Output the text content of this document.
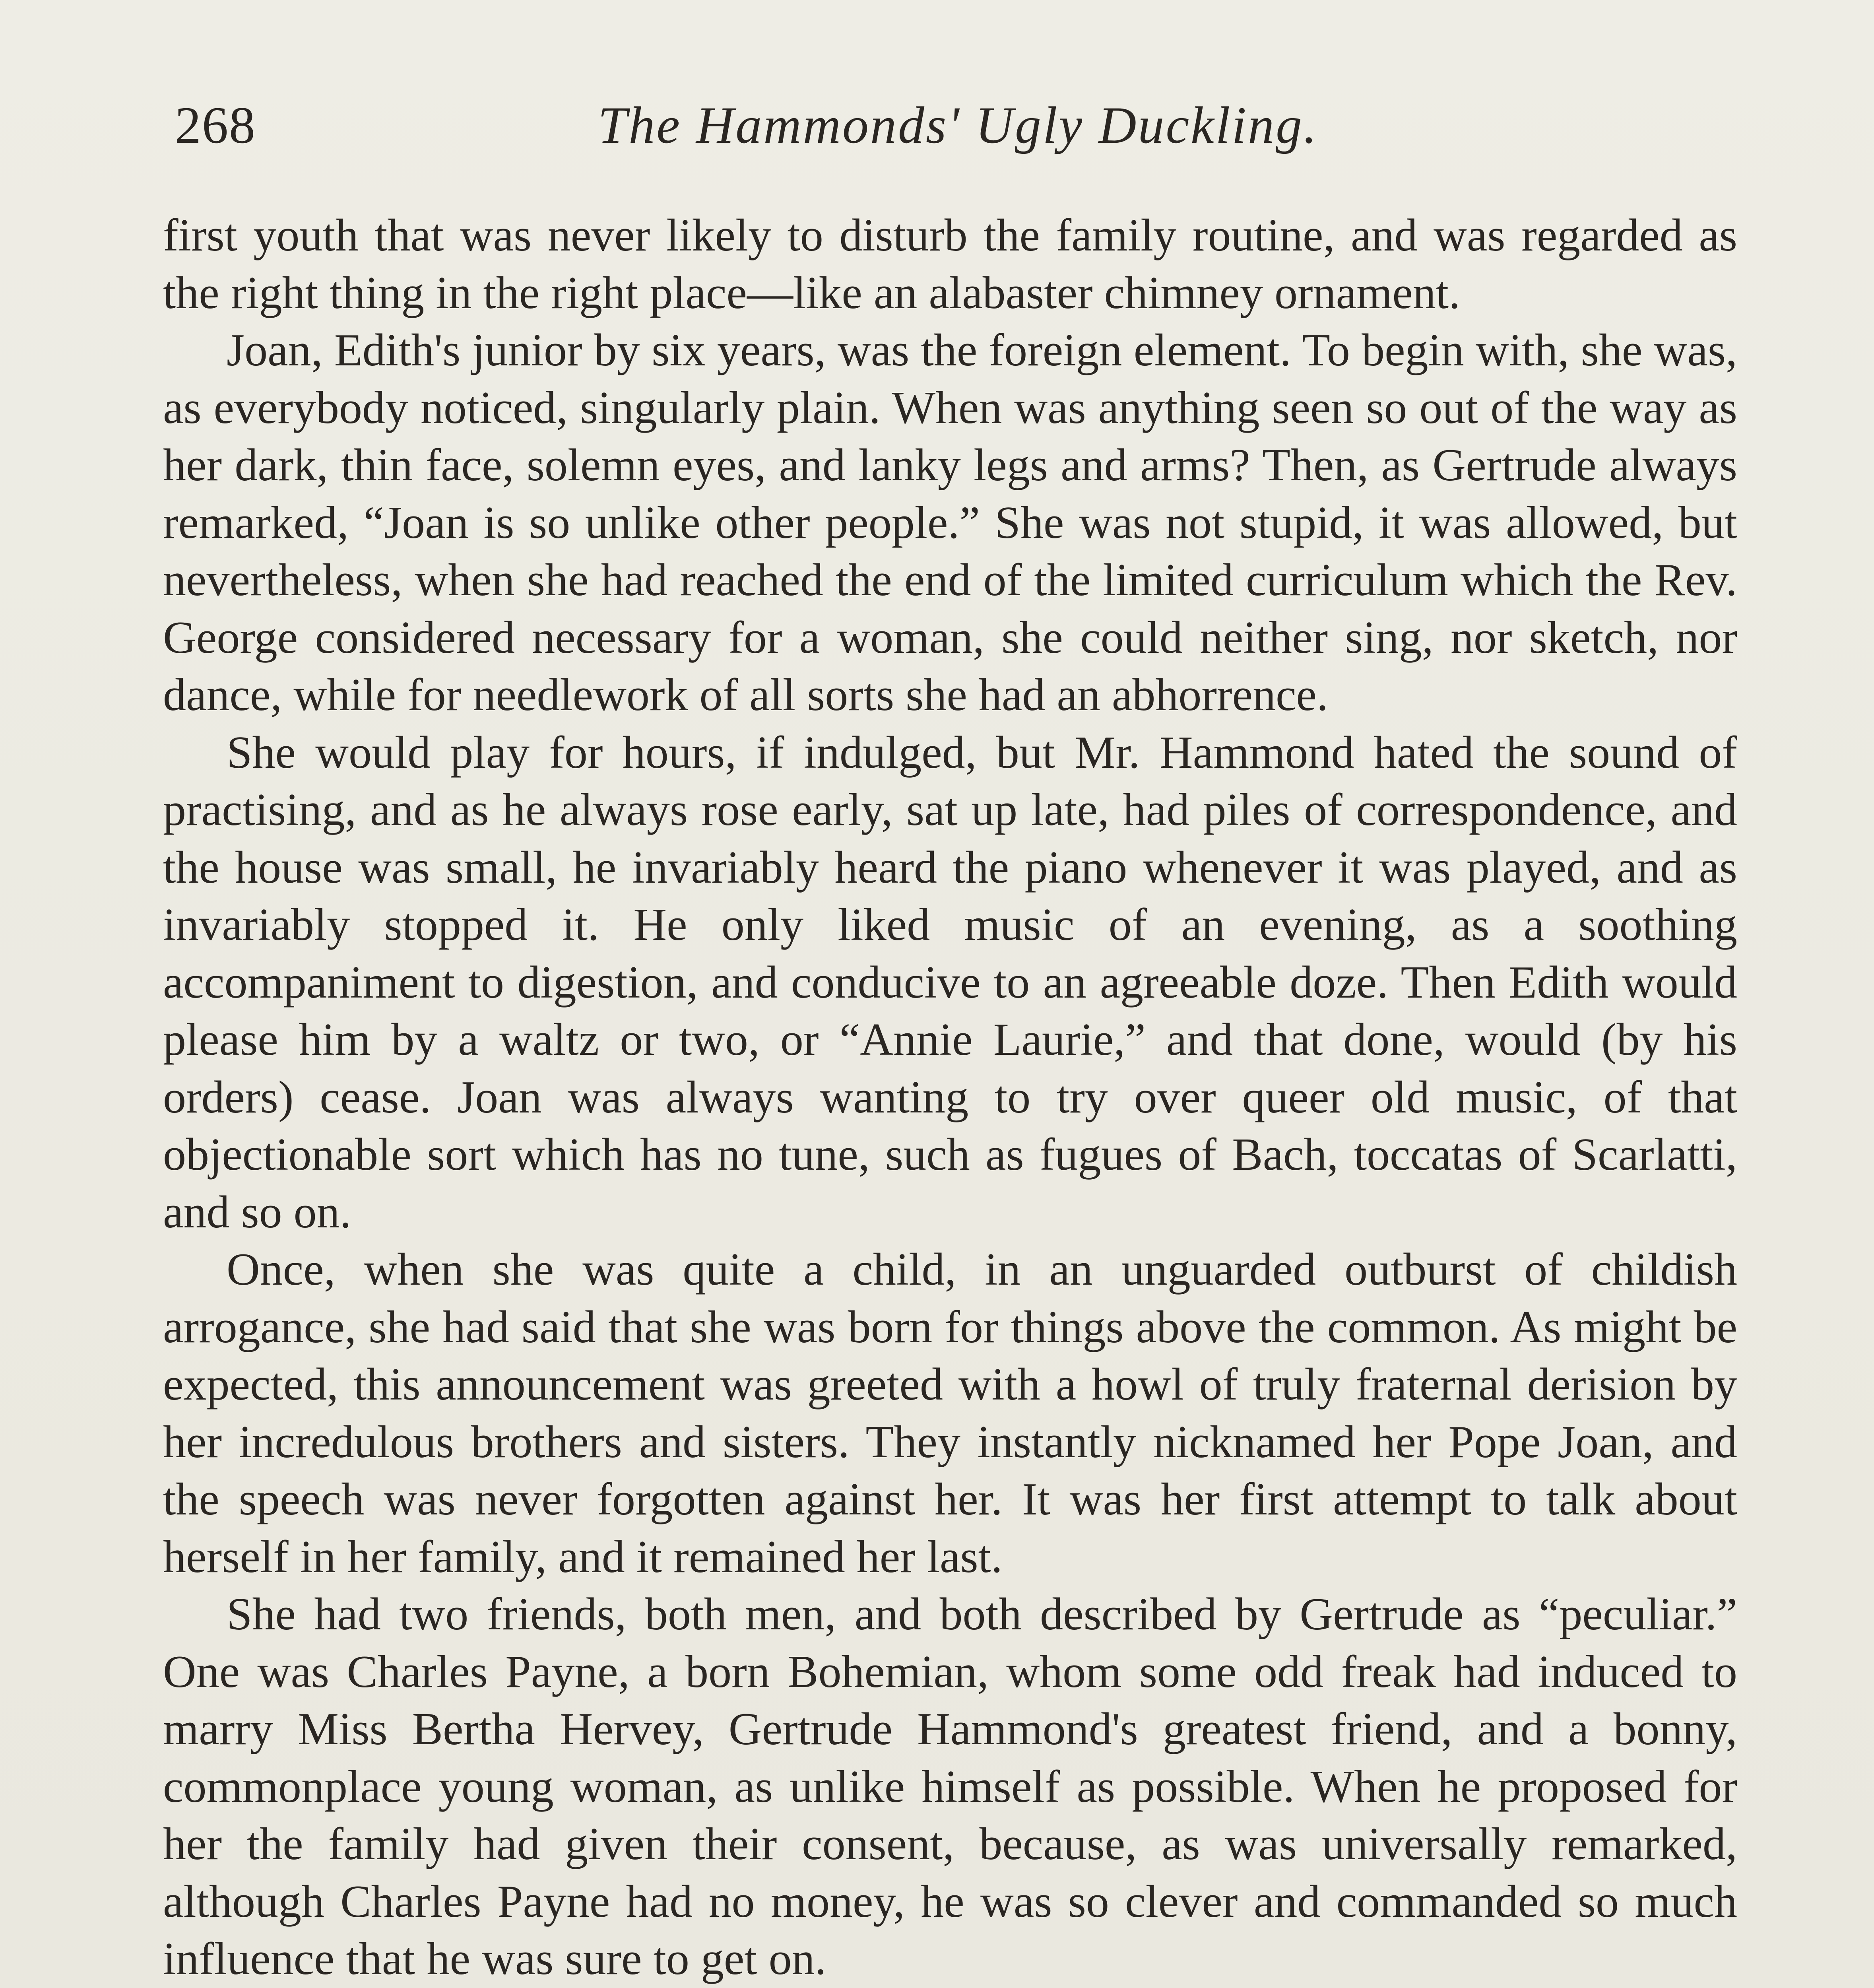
268	The Hammonds' Ugly Duckling.

first youth that was never likely to disturb the family routine, and was regarded as the right thing in the right place—like an alabaster chimney ornament.

Joan, Edith's junior by six years, was the foreign element. To begin with, she was, as everybody noticed, singularly plain. When was anything seen so out of the way as her dark, thin face, solemn eyes, and lanky legs and arms? Then, as Gertrude always remarked, “Joan is so unlike other people.” She was not stupid, it was allowed, but nevertheless, when she had reached the end of the limited curriculum which the Rev. George considered necessary for a woman, she could neither sing, nor sketch, nor dance, while for needlework of all sorts she had an abhorrence.

She would play for hours, if indulged, but Mr. Hammond hated the sound of practising, and as he always rose early, sat up late, had piles of correspondence, and the house was small, he invariably heard the piano whenever it was played, and as invariably stopped it. He only liked music of an evening, as a soothing accompaniment to digestion, and conducive to an agreeable doze. Then Edith would please him by a waltz or two, or “Annie Laurie,” and that done, would (by his orders) cease. Joan was always wanting to try over queer old music, of that objectionable sort which has no tune, such as fugues of Bach, toccatas of Scarlatti, and so on.

Once, when she was quite a child, in an unguarded outburst of childish arrogance, she had said that she was born for things above the common. As might be expected, this announcement was greeted with a howl of truly fraternal derision by her incredulous brothers and sisters. They instantly nicknamed her Pope Joan, and the speech was never forgotten against her. It was her first attempt to talk about herself in her family, and it remained her last.

She had two friends, both men, and both described by Gertrude as “peculiar.” One was Charles Payne, a born Bohemian, whom some odd freak had induced to marry Miss Bertha Hervey, Gertrude Hammond's greatest friend, and a bonny, commonplace young woman, as unlike himself as possible. When he proposed for her the family had given their consent, because, as was universally remarked, although Charles Payne had no money, he was so clever and commanded so much influence that he was sure to get on.
